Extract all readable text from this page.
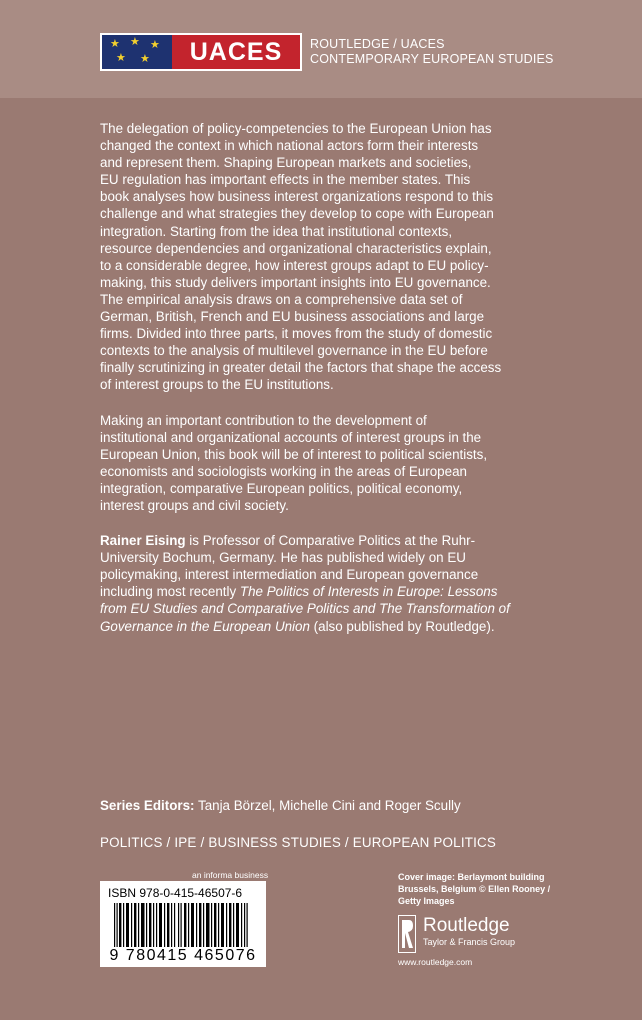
★ ★ ★
★ ★	UACES	ROUTLEDGE / UACES
CONTEMPORARY EUROPEAN STUDIES

The delegation of policy-competencies to the European Union has
changed the context in which national actors form their interests
and represent them. Shaping European markets and societies,
EU regulation has important effects in the member states. This
book analyses how business interest organizations respond to this
challenge and what strategies they develop to cope with European
integration. Starting from the idea that institutional contexts,
resource dependencies and organizational characteristics explain,
to a considerable degree, how interest groups adapt to EU policy-
making, this study delivers important insights into EU governance.
The empirical analysis draws on a comprehensive data set of
German, British, French and EU business associations and large
firms. Divided into three parts, it moves from the study of domestic
contexts to the analysis of multilevel governance in the EU before
finally scrutinizing in greater detail the factors that shape the access
of interest groups to the EU institutions.

Making an important contribution to the development of
institutional and organizational accounts of interest groups in the
European Union, this book will be of interest to political scientists,
economists and sociologists working in the areas of European
integration, comparative European politics, political economy,
interest groups and civil society.

Rainer Eising is Professor of Comparative Politics at the Ruhr-
University Bochum, Germany. He has published widely on EU
policymaking, interest intermediation and European governance
including most recently The Politics of Interests in Europe: Lessons
from EU Studies and Comparative Politics and The Transformation of
Governance in the European Union (also published by Routledge).

Series Editors: Tanja Börzel, Michelle Cini and Roger Scully
POLITICS / IPE / BUSINESS STUDIES / EUROPEAN POLITICS
an informa business
ISBN 978-0-415-46507-6
9 780415 465076
Cover image: Berlaymont building
Brussels, Belgium © Ellen Rooney /
Getty Images
Routledge
Taylor & Francis Group
www.routledge.com
